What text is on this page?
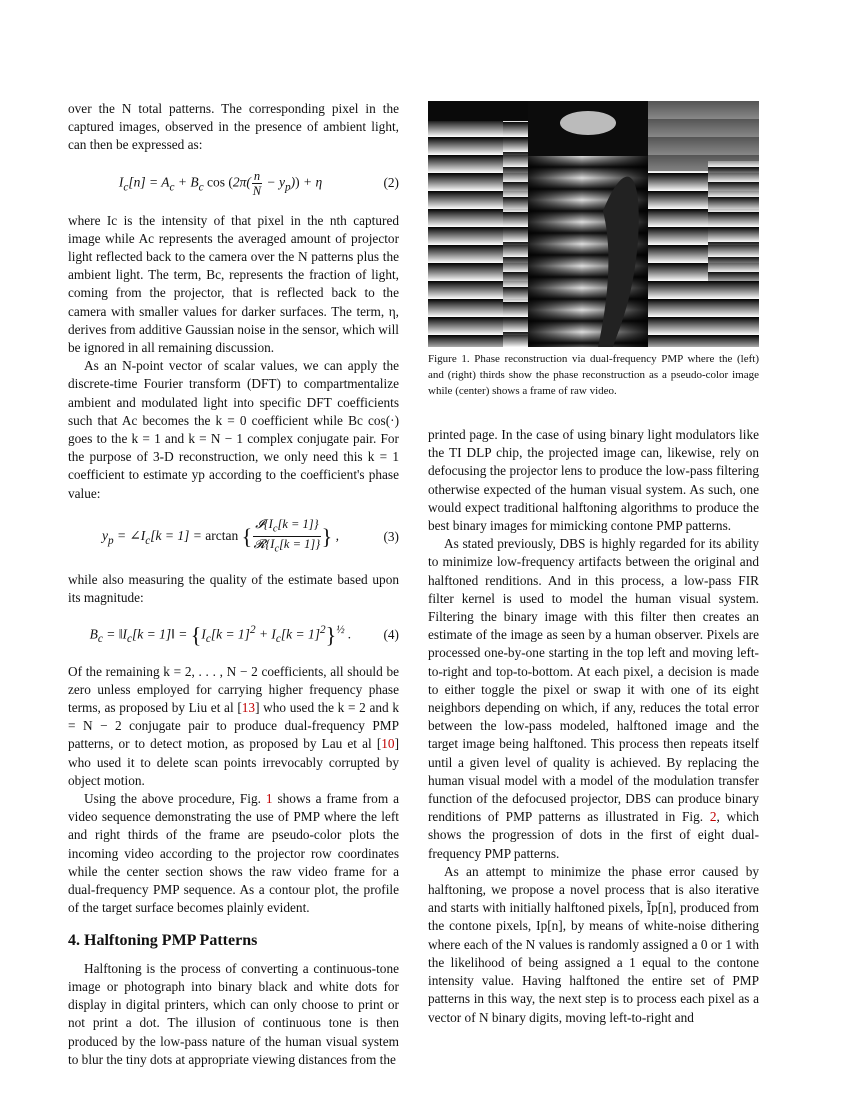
over the N total patterns. The corresponding pixel in the captured images, observed in the presence of ambient light, can then be expressed as:

$I_c[n] = A_c + B_c$ $\cos (2\pi( \frac{n}{N} - y_p)) + \eta$	(2)

where Ic is the intensity of that pixel in the nth captured image while Ac represents the averaged amount of projector light reflected back to the camera over the N patterns plus the ambient light. The term, Bc, represents the fraction of light, coming from the projector, that is reflected back to the camera with smaller values for darker surfaces. The term, η, derives from additive Gaussian noise in the sensor, which will be ignored in all remaining discussion.

As an N-point vector of scalar values, we can apply the discrete-time Fourier transform (DFT) to compartmentalize ambient and modulated light into specific DFT coefficients such that Ac becomes the k = 0 coefficient while Bc cos(·) goes to the k = 1 and k = N − 1 complex conjugate pair. For the purpose of 3-D reconstruction, we only need this k = 1 coefficient to estimate yp according to the coefficient's phase value:

$y_p$ = $\angle I_c[k = 1] = \arctan$ { $\frac{𝓘\{I_c[k = 1]\}}{𝓡\{I_c[k = 1]\}}$ } ,	(3)

while also measuring the quality of the estimate based upon its magnitude:

$B_c$ = $‖I_c[k$ = 1]‖ = $\{I_c[k = 1]^2 + I_c[k = 1]^2\}^{\frac{1}{2}}$ .	(4)

Of the remaining k = 2, . . . , N − 2 coefficients, all should be zero unless employed for carrying higher frequency phase terms, as proposed by Liu et al [13] who used the k = 2 and k = N − 2 conjugate pair to produce dual-frequency PMP patterns, or to detect motion, as proposed by Lau et al [10] who used it to delete scan points irrevocably corrupted by object motion.

Using the above procedure, Fig. 1 shows a frame from a video sequence demonstrating the use of PMP where the left and right thirds of the frame are pseudo-color plots the incoming video according to the projector row coordinates while the center section shows the raw video frame for a dual-frequency PMP sequence. As a contour plot, the profile of the target surface becomes plainly evident.

4. Halftoning PMP Patterns

Halftoning is the process of converting a continuous-tone image or photograph into binary black and white dots for display in digital printers, which can only choose to print or not print a dot. The illusion of continuous tone is then produced by the low-pass nature of the human visual system to blur the tiny dots at appropriate viewing distances from the

Figure 1. Phase reconstruction via dual-frequency PMP where the (left) and (right) thirds show the phase reconstruction as a pseudo-color image while (center) shows a frame of raw video.

printed page. In the case of using binary light modulators like the TI DLP chip, the projected image can, likewise, rely on defocusing the projector lens to produce the low-pass filtering otherwise expected of the human visual system. As such, one would expect traditional halftoning algorithms to produce the best binary images for mimicking contone PMP patterns.

As stated previously, DBS is highly regarded for its ability to minimize low-frequency artifacts between the original and halftoned renditions. And in this process, a low-pass FIR filter kernel is used to model the human visual system. Filtering the binary image with this filter then creates an estimate of the image as seen by a human observer. Pixels are processed one-by-one starting in the top left and moving left-to-right and top-to-bottom. At each pixel, a decision is made to either toggle the pixel or swap it with one of its eight neighbors depending on which, if any, reduces the total error between the low-pass modeled, halftoned image and the target image being halftoned. This process then repeats itself until a given level of quality is achieved. By replacing the human visual model with a model of the modulation transfer function of the defocused projector, DBS can produce binary renditions of PMP patterns as illustrated in Fig. 2, which shows the progression of dots in the first of eight dual-frequency PMP patterns.

As an attempt to minimize the phase error caused by halftoning, we propose a novel process that is also iterative and starts with initially halftoned pixels, Ĩp[n], produced from the contone pixels, Ip[n], by means of white-noise dithering where each of the N values is randomly assigned a 0 or 1 with the likelihood of being assigned a 1 equal to the contone intensity value. Having halftoned the entire set of PMP patterns in this way, the next step is to process each pixel as a vector of N binary digits, moving left-to-right and
